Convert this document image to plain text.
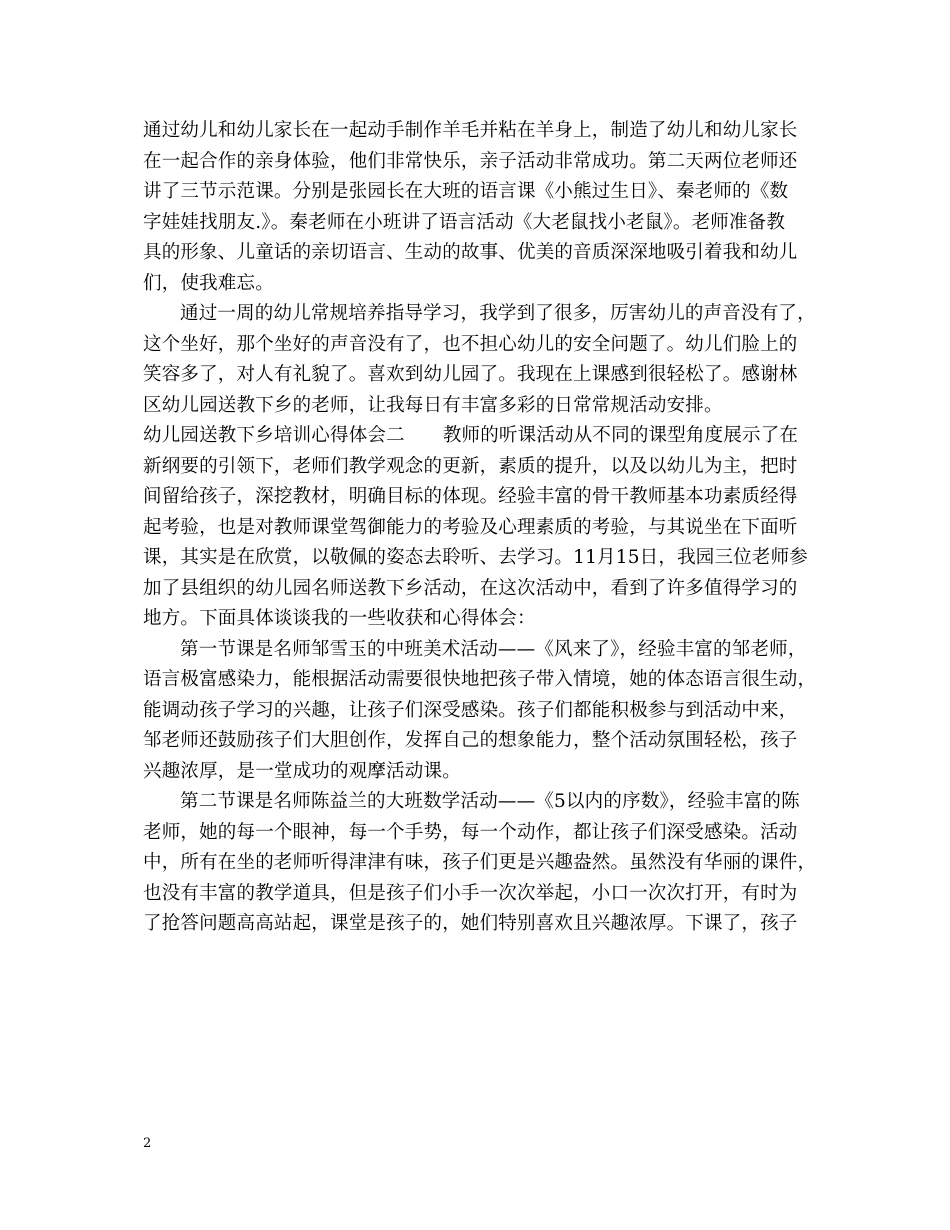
通过幼儿和幼儿家长在一起动手制作羊毛并粘在羊身上，制造了幼儿和幼儿家长
在一起合作的亲身体验，他们非常快乐，亲子活动非常成功。第二天两位老师还
讲了三节示范课。分别是张园长在大班的语言课《小熊过生日》、秦老师的《数
字娃娃找朋友.》。秦老师在小班讲了语言活动《大老鼠找小老鼠》。老师准备教
具的形象、儿童话的亲切语言、生动的故事、优美的音质深深地吸引着我和幼儿
们，使我难忘。
通过一周的幼儿常规培养指导学习，我学到了很多，厉害幼儿的声音没有了，
这个坐好，那个坐好的声音没有了，也不担心幼儿的安全问题了。幼儿们脸上的
笑容多了，对人有礼貌了。喜欢到幼儿园了。我现在上课感到很轻松了。感谢林
区幼儿园送教下乡的老师，让我每日有丰富多彩的日常常规活动安排。
幼儿园送教下乡培训心得体会二 教师的听课活动从不同的课型角度展示了在
新纲要的引领下，老师们教学观念的更新，素质的提升，以及以幼儿为主，把时
间留给孩子，深挖教材，明确目标的体现。经验丰富的骨干教师基本功素质经得
起考验，也是对教师课堂驾御能力的考验及心理素质的考验，与其说坐在下面听
课，其实是在欣赏，以敬佩的姿态去聆听、去学习。11月15日，我园三位老师参
加了县组织的幼儿园名师送教下乡活动，在这次活动中，看到了许多值得学习的
地方。下面具体谈谈我的一些收获和心得体会：
第一节课是名师邹雪玉的中班美术活动——《风来了》，经验丰富的邹老师，
语言极富感染力，能根据活动需要很快地把孩子带入情境，她的体态语言很生动，
能调动孩子学习的兴趣，让孩子们深受感染。孩子们都能积极参与到活动中来，
邹老师还鼓励孩子们大胆创作，发挥自己的想象能力，整个活动氛围轻松，孩子
兴趣浓厚，是一堂成功的观摩活动课。
第二节课是名师陈益兰的大班数学活动——《5以内的序数》，经验丰富的陈
老师，她的每一个眼神，每一个手势，每一个动作，都让孩子们深受感染。活动
中，所有在坐的老师听得津津有味，孩子们更是兴趣盎然。虽然没有华丽的课件，
也没有丰富的教学道具，但是孩子们小手一次次举起，小口一次次打开，有时为
了抢答问题高高站起，课堂是孩子的，她们特别喜欢且兴趣浓厚。下课了，孩子
2
